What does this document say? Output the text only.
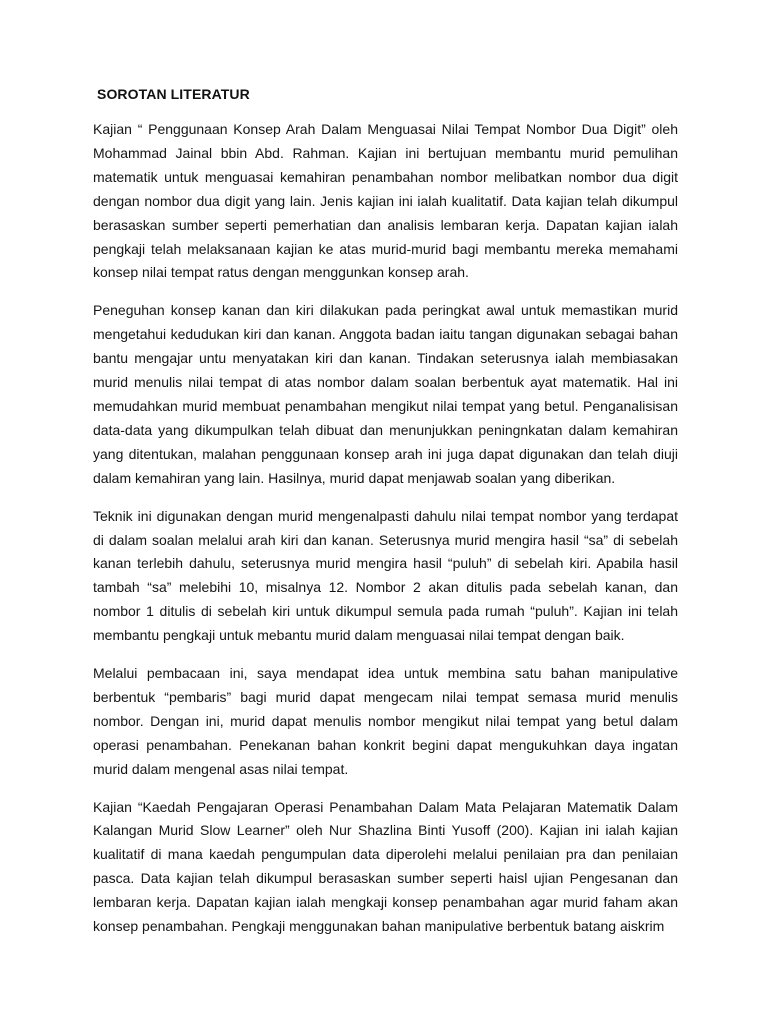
SOROTAN LITERATUR

Kajian “ Penggunaan Konsep Arah Dalam Menguasai Nilai Tempat Nombor Dua Digit” oleh Mohammad Jainal bbin Abd. Rahman. Kajian ini bertujuan membantu murid pemulihan matematik untuk menguasai kemahiran penambahan nombor melibatkan nombor dua digit dengan nombor dua digit yang lain. Jenis kajian ini ialah kualitatif. Data kajian telah dikumpul berasaskan sumber seperti pemerhatian dan analisis lembaran kerja. Dapatan kajian ialah pengkaji telah melaksanaan kajian ke atas murid-murid bagi membantu mereka memahami konsep nilai tempat ratus dengan menggunkan konsep arah.

Peneguhan konsep kanan dan kiri dilakukan pada peringkat awal untuk memastikan murid mengetahui kedudukan kiri dan kanan. Anggota badan iaitu tangan digunakan sebagai bahan bantu mengajar untu menyatakan kiri dan kanan. Tindakan seterusnya ialah membiasakan murid menulis nilai tempat di atas nombor dalam soalan berbentuk ayat matematik. Hal ini memudahkan murid membuat penambahan mengikut nilai tempat yang betul. Penganalisisan data-data yang dikumpulkan telah dibuat dan menunjukkan peningnkatan dalam kemahiran yang ditentukan, malahan penggunaan konsep arah ini juga dapat digunakan dan telah diuji dalam kemahiran yang lain. Hasilnya, murid dapat menjawab soalan yang diberikan.

Teknik ini digunakan dengan murid mengenalpasti dahulu nilai tempat nombor yang terdapat di dalam soalan melalui arah kiri dan kanan. Seterusnya murid mengira hasil “sa” di sebelah kanan terlebih dahulu, seterusnya murid mengira hasil “puluh” di sebelah kiri. Apabila hasil tambah “sa” melebihi 10, misalnya 12. Nombor 2 akan ditulis pada sebelah kanan, dan nombor 1 ditulis di sebelah kiri untuk dikumpul semula pada rumah “puluh”. Kajian ini telah membantu pengkaji untuk mebantu murid dalam menguasai nilai tempat dengan baik.

Melalui pembacaan ini, saya mendapat idea untuk membina satu bahan manipulative berbentuk “pembaris” bagi murid dapat mengecam nilai tempat semasa murid menulis nombor. Dengan ini, murid dapat menulis nombor mengikut nilai tempat yang betul dalam operasi penambahan. Penekanan bahan konkrit begini dapat mengukuhkan daya ingatan murid dalam mengenal asas nilai tempat.

Kajian “Kaedah Pengajaran Operasi Penambahan Dalam Mata Pelajaran Matematik Dalam Kalangan Murid Slow Learner” oleh Nur Shazlina Binti Yusoff (200). Kajian ini ialah kajian kualitatif di mana kaedah pengumpulan data diperolehi melalui penilaian pra dan penilaian pasca. Data kajian telah dikumpul berasaskan sumber seperti haisl ujian Pengesanan dan lembaran kerja. Dapatan kajian ialah mengkaji konsep penambahan agar murid faham akan konsep penambahan. Pengkaji menggunakan bahan manipulative berbentuk batang aiskrim
